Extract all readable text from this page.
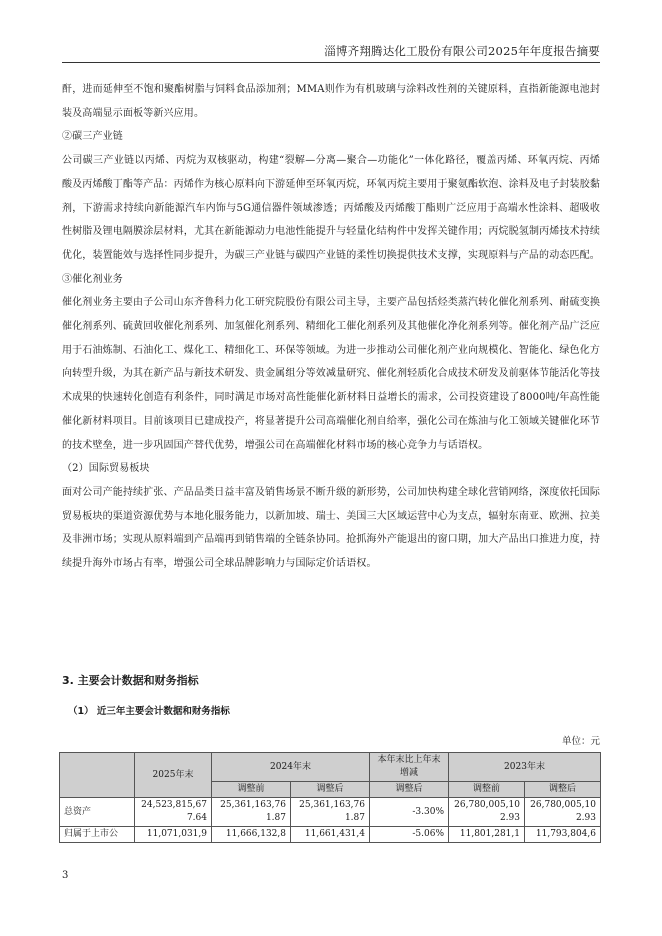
淄博齐翔腾达化工股份有限公司2025年年度报告摘要

酐，进而延伸至不饱和聚酯树脂与饲料食品添加剂；MMA则作为有机玻璃与涂料改性剂的关键原料，直指新能源电池封装及高端显示面板等新兴应用。

②碳三产业链

公司碳三产业链以丙烯、丙烷为双核驱动，构建“裂解—分离—聚合—功能化”一体化路径，覆盖丙烯、环氧丙烷、丙烯酸及丙烯酸丁酯等产品：丙烯作为核心原料向下游延伸至环氧丙烷，环氧丙烷主要用于聚氨酯软泡、涂料及电子封装胶黏剂，下游需求持续向新能源汽车内饰与5G通信器件领域渗透；丙烯酸及丙烯酸丁酯则广泛应用于高端水性涂料、超吸收性树脂及锂电隔膜涂层材料，尤其在新能源动力电池性能提升与轻量化结构件中发挥关键作用；丙烷脱氢制丙烯技术持续优化，装置能效与选择性同步提升，为碳三产业链与碳四产业链的柔性切换提供技术支撑，实现原料与产品的动态匹配。

③催化剂业务

催化剂业务主要由子公司山东齐鲁科力化工研究院股份有限公司主导，主要产品包括烃类蒸汽转化催化剂系列、耐硫变换催化剂系列、硫黄回收催化剂系列、加氢催化剂系列、精细化工催化剂系列及其他催化净化剂系列等。催化剂产品广泛应用于石油炼制、石油化工、煤化工、精细化工、环保等领域。为进一步推动公司催化剂产业向规模化、智能化、绿色化方向转型升级，为其在新产品与新技术研发、贵金属组分等效减量研究、催化剂轻质化合成技术研发及前驱体节能活化等技术成果的快速转化创造有利条件，同时满足市场对高性能催化新材料日益增长的需求，公司投资建设了8000吨/年高性能催化新材料项目。目前该项目已建成投产，将显著提升公司高端催化剂自给率，强化公司在炼油与化工领域关键催化环节的技术壁垒，进一步巩固国产替代优势，增强公司在高端催化材料市场的核心竞争力与话语权。

（2）国际贸易板块

面对公司产能持续扩张、产品品类日益丰富及销售场景不断升级的新形势，公司加快构建全球化营销网络，深度依托国际贸易板块的渠道资源优势与本地化服务能力，以新加坡、瑞士、美国三大区域运营中心为支点，辐射东南亚、欧洲、拉美及非洲市场；实现从原料端到产品端再到销售端的全链条协同。抢抓海外产能退出的窗口期，加大产品出口推进力度，持续提升海外市场占有率，增强公司全球品牌影响力与国际定价话语权。

3. 主要会计数据和财务指标
（1） 近三年主要会计数据和财务指标
单位：元
	2025年末	2024年末		本年末比上年末增减	2023年末	
		调整前	调整后	调整后	调整前	调整后
总资产	24,523,815,677.64	25,361,163,761.87	25,361,163,761.87	-3.30%	26,780,005,102.93	26,780,005,102.93
归属于上市公	11,071,031,9	11,666,132,8	11,661,431,4	-5.06%	11,801,281,1	11,793,804,6
3
